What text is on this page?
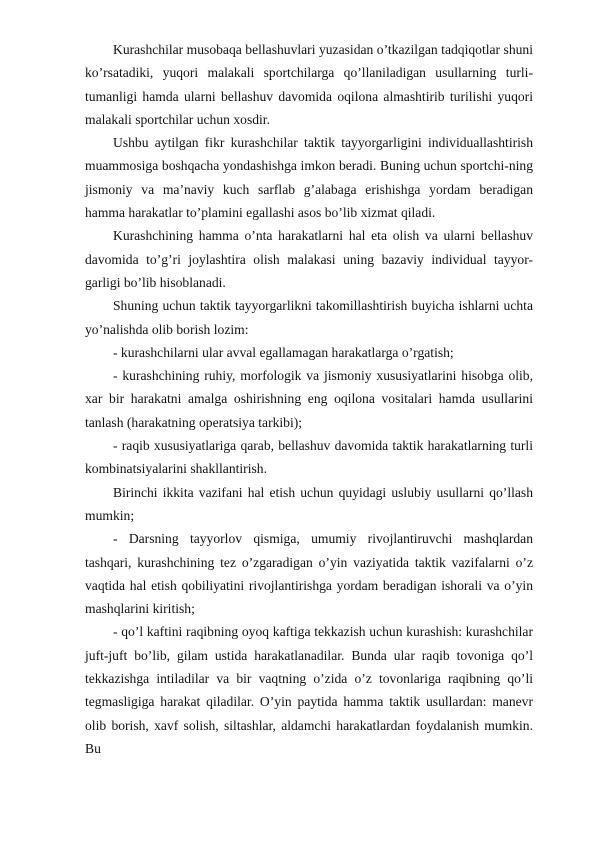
Kurashchilar musobaqa bellashuvlari yuzasidan o’tkazilgan tadqiqotlar shuni ko’rsatadiki, yuqori malakali sportchilarga qo’llaniladigan usullarning turli-tumanligi hamda ularni bellashuv davomida oqilona almashtirib turilishi yuqori malakali sportchilar uchun xosdir.

Ushbu aytilgan fikr kurashchilar taktik tayyorgarligini individuallashtirish muammosiga boshqacha yondashishga imkon beradi. Buning uchun sportchi-ning jismoniy va ma’naviy kuch sarflab g’alabaga erishishga yordam beradigan hamma harakatlar to’plamini egallashi asos bo’lib xizmat qiladi.

Kurashchining hamma o’nta harakatlarni hal eta olish va ularni bellashuv davomida to’g’ri joylashtira olish malakasi uning bazaviy individual tayyor-garligi bo’lib hisoblanadi.

Shuning uchun taktik tayyorgarlikni takomillashtirish buyicha ishlarni uchta yo’nalishda olib borish lozim:

- kurashchilarni ular avval egallamagan harakatlarga o’rgatish;

- kurashchining ruhiy, morfologik va jismoniy xususiyatlarini hisobga olib, xar bir harakatni amalga oshirishning eng oqilona vositalari hamda usullarini tanlash (harakatning operatsiya tarkibi);

- raqib xususiyatlariga qarab, bellashuv davomida taktik harakatlarning turli kombinatsiyalarini shakllantirish.

Birinchi ikkita vazifani hal etish uchun quyidagi uslubiy usullarni qo’llash mumkin;

- Darsning tayyorlov qismiga, umumiy rivojlantiruvchi mashqlardan tashqari, kurashchining tez o’zgaradigan o’yin vaziyatida taktik vazifalarni o’z vaqtida hal etish qobiliyatini rivojlantirishga yordam beradigan ishorali va o’yin mashqlarini kiritish;

- qo’l kaftini raqibning oyoq kaftiga tekkazish uchun kurashish: kurashchilar juft-juft bo’lib, gilam ustida harakatlanadilar. Bunda ular raqib tovoniga qo’l tekkazishga intiladilar va bir vaqtning o’zida o’z tovonlariga raqibning qo’li tegmasligiga harakat qiladilar. O’yin paytida hamma taktik usullardan: manevr olib borish, xavf solish, siltashlar, aldamchi harakatlardan foydalanish mumkin. Bu
